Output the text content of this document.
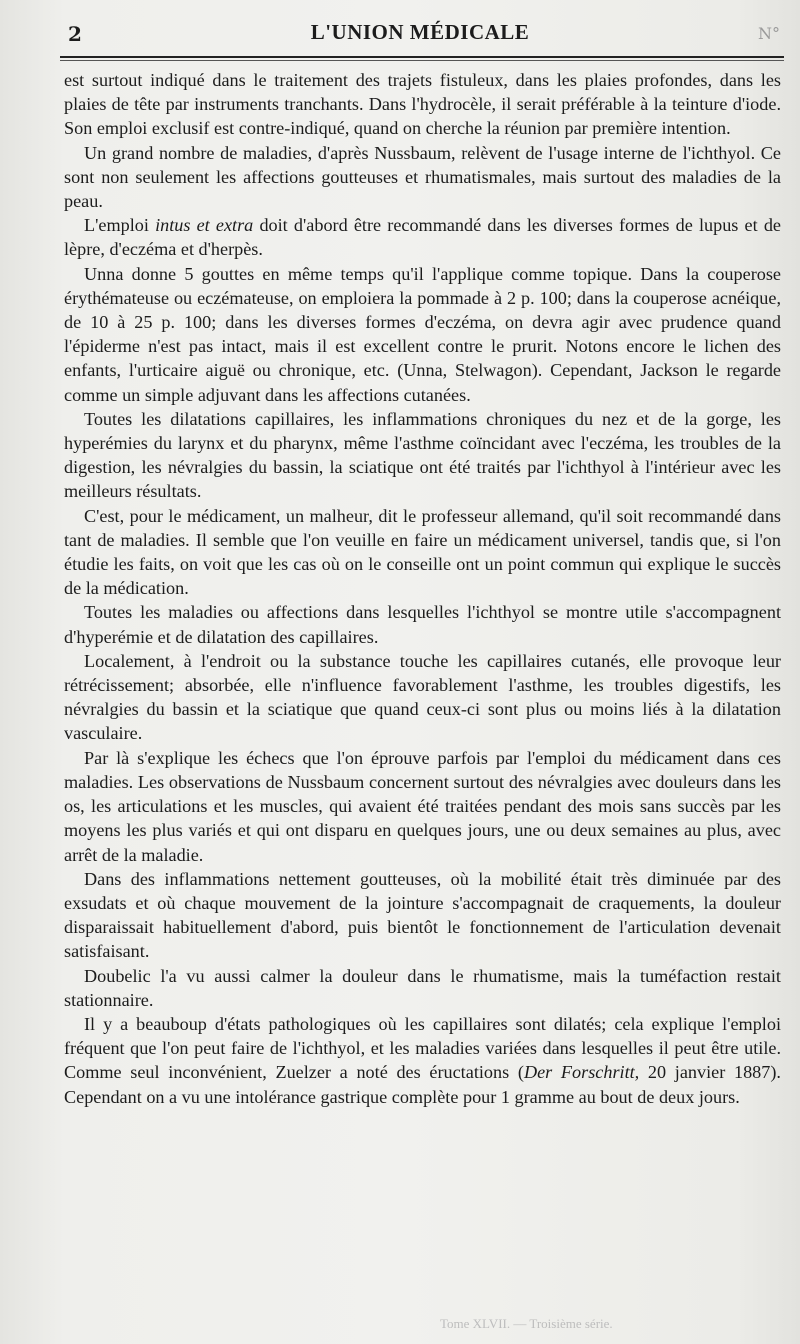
2	L'UNION MÉDICALE	N°

est surtout indiqué dans le traitement des trajets fistuleux, dans les plaies profondes, dans les plaies de tête par instruments tranchants. Dans l'hydrocèle, il serait préférable à la teinture d'iode. Son emploi exclusif est contre-indiqué, quand on cherche la réunion par première intention.

Un grand nombre de maladies, d'après Nussbaum, relèvent de l'usage interne de l'ichthyol. Ce sont non seulement les affections goutteuses et rhumatismales, mais surtout des maladies de la peau.

L'emploi intus et extra doit d'abord être recommandé dans les diverses formes de lupus et de lèpre, d'eczéma et d'herpès.

Unna donne 5 gouttes en même temps qu'il l'applique comme topique. Dans la couperose érythémateuse ou eczémateuse, on emploiera la pommade à 2 p. 100; dans la couperose acnéique, de 10 à 25 p. 100; dans les diverses formes d'eczéma, on devra agir avec prudence quand l'épiderme n'est pas intact, mais il est excellent contre le prurit. Notons encore le lichen des enfants, l'urticaire aiguë ou chronique, etc. (Unna, Stelwagon). Cependant, Jackson le regarde comme un simple adjuvant dans les affections cutanées.

Toutes les dilatations capillaires, les inflammations chroniques du nez et de la gorge, les hyperémies du larynx et du pharynx, même l'asthme coïncidant avec l'eczéma, les troubles de la digestion, les névralgies du bassin, la sciatique ont été traités par l'ichthyol à l'intérieur avec les meilleurs résultats.

C'est, pour le médicament, un malheur, dit le professeur allemand, qu'il soit recommandé dans tant de maladies. Il semble que l'on veuille en faire un médicament universel, tandis que, si l'on étudie les faits, on voit que les cas où on le conseille ont un point commun qui explique le succès de la médication.

Toutes les maladies ou affections dans lesquelles l'ichthyol se montre utile s'accompagnent d'hyperémie et de dilatation des capillaires.

Localement, à l'endroit ou la substance touche les capillaires cutanés, elle provoque leur rétrécissement; absorbée, elle n'influence favorablement l'asthme, les troubles digestifs, les névralgies du bassin et la sciatique que quand ceux-ci sont plus ou moins liés à la dilatation vasculaire.

Par là s'explique les échecs que l'on éprouve parfois par l'emploi du médicament dans ces maladies. Les observations de Nussbaum concernent surtout des névralgies avec douleurs dans les os, les articulations et les muscles, qui avaient été traitées pendant des mois sans succès par les moyens les plus variés et qui ont disparu en quelques jours, une ou deux semaines au plus, avec arrêt de la maladie.

Dans des inflammations nettement goutteuses, où la mobilité était très diminuée par des exsudats et où chaque mouvement de la jointure s'accompagnait de craquements, la douleur disparaissait habituellement d'abord, puis bientôt le fonctionnement de l'articulation devenait satisfaisant.

Doubelic l'a vu aussi calmer la douleur dans le rhumatisme, mais la tuméfaction restait stationnaire.

Il y a beauboup d'états pathologiques où les capillaires sont dilatés; cela explique l'emploi fréquent que l'on peut faire de l'ichthyol, et les maladies variées dans lesquelles il peut être utile. Comme seul inconvénient, Zuelzer a noté des éructations (Der Forschritt, 20 janvier 1887). Cependant on a vu une intolérance gastrique complète pour 1 gramme au bout de deux jours.

Tome XLVII. — Troisième série.
